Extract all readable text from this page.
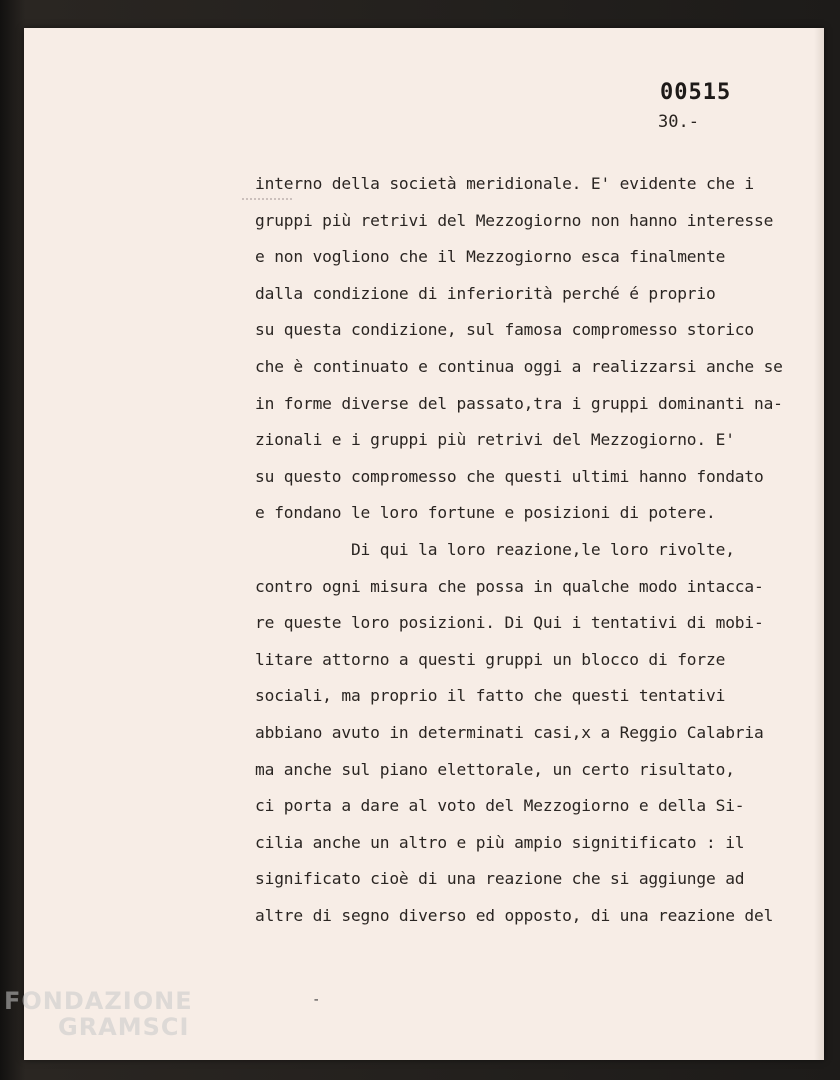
00515
30.-
interno della società meridionale. E' evidente che i
gruppi più retrivi del Mezzogiorno non hanno interesse
e non vogliono che il Mezzogiorno esca finalmente
dalla condizione di inferiorità perché é proprio
su questa condizione, sul famosa compromesso storico
che è continuato e continua oggi a realizzarsi anche se
in forme diverse del passato,tra i gruppi dominanti na-
zionali e i gruppi più retrivi del Mezzogiorno. E'
su questo compromesso che questi ultimi hanno fondato
e fondano le loro fortune e posizioni di potere.
Di qui la loro reazione,le loro rivolte,
contro ogni misura che possa in qualche modo intacca-
re queste loro posizioni. Di Qui i tentativi di mobi-
litare attorno a questi gruppi un blocco di forze
sociali, ma proprio il fatto che questi tentativi
abbiano avuto in determinati casi,x a Reggio Calabria
ma anche sul piano elettorale, un certo risultato,
ci porta a dare al voto del Mezzogiorno e della Si-
cilia anche un altro e più ampio signitificato : il
significato cioè di una reazione che si aggiunge ad
altre di segno diverso ed opposto, di una reazione del
-
FONDAZIONE
GRAMSCI
